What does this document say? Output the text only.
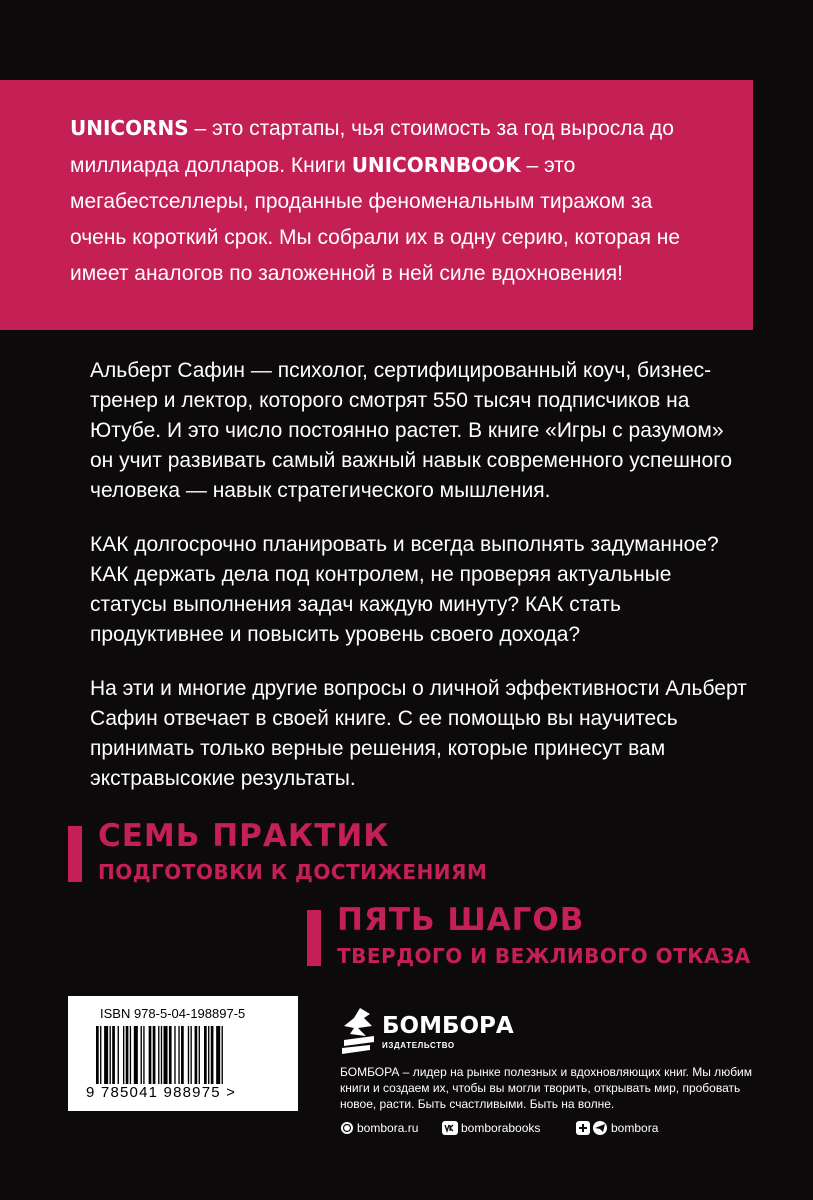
UNICORNS – это стартапы, чья стоимость за год выросла до миллиарда долларов. Книги UNICORNBOOK – это мегабестселлеры, проданные феноменальным тиражом за очень короткий срок. Мы собрали их в одну серию, которая не имеет аналогов по заложенной в ней силе вдохновения!

Альберт Сафин — психолог, сертифицированный коуч, бизнес-тренер и лектор, которого смотрят 550 тысяч подписчиков на Ютубе. И это число постоянно растет. В книге «Игры с разумом» он учит развивать самый важный навык современного успешного человека — навык стратегического мышления.

КАК долгосрочно планировать и всегда выполнять задуманное? КАК держать дела под контролем, не проверяя актуальные статусы выполнения задач каждую минуту? КАК стать продуктивнее и повысить уровень своего дохода?

На эти и многие другие вопросы о личной эффективности Альберт Сафин отвечает в своей книге. С ее помощью вы научитесь принимать только верные решения, которые принесут вам экстравысокие результаты.

СЕМЬ ПРАКТИК
ПОДГОТОВКИ К ДОСТИЖЕНИЯМ
ПЯТЬ ШАГОВ
ТВЕРДОГО И ВЕЖЛИВОГО ОТКАЗА
ISBN 978-5-04-198897-5
9 785041 988975 >
БОМБОРА
ИЗДАТЕЛЬСТВО

БОМБОРА – лидер на рынке полезных и вдохновляющих книг. Мы любим книги и создаем их, чтобы вы могли творить, открывать мир, пробовать новое, расти. Быть счастливыми. Быть на волне.

bombora.ru	bomborabooks	bombora
